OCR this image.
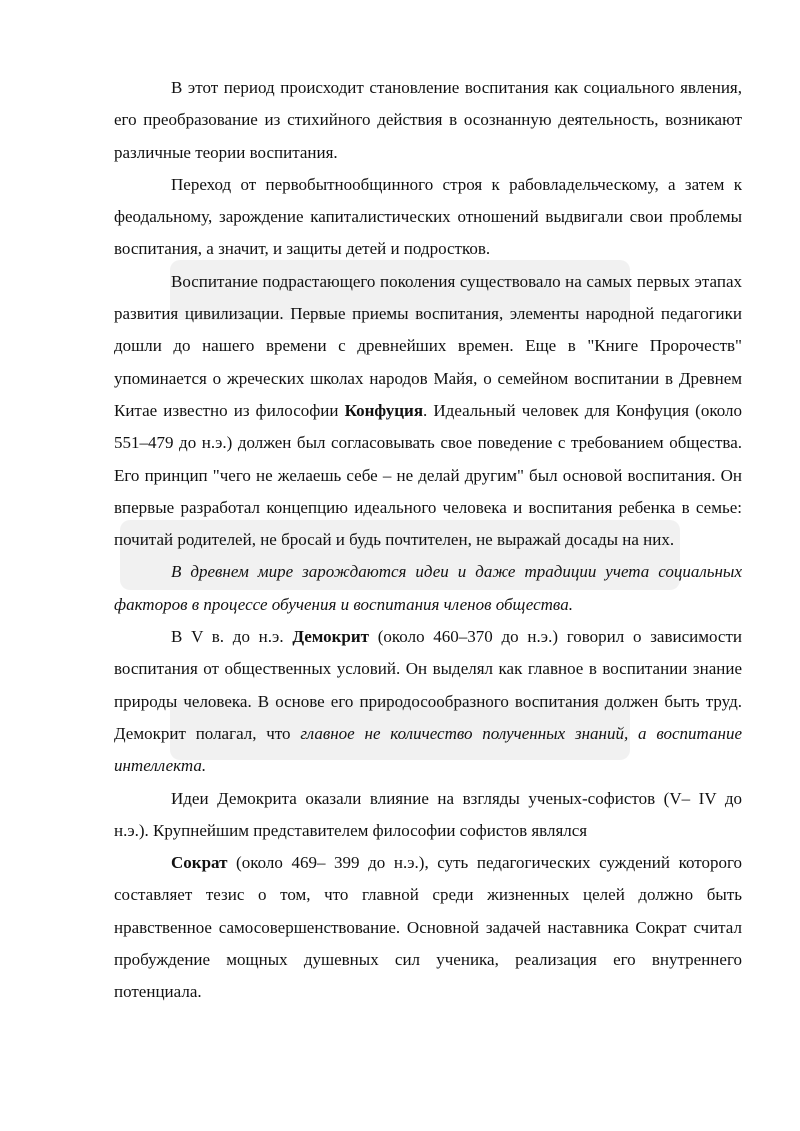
В этот период происходит становление воспитания как социального явления, его преобразование из стихийного действия в осознанную деятельность, возникают различные теории воспитания.

Переход от первобытнообщинного строя к рабовладельческому, а затем к феодальному, зарождение капиталистических отношений выдвигали свои проблемы воспитания, а значит, и защиты детей и подростков.

Воспитание подрастающего поколения существовало на самых первых этапах развития цивилизации. Первые приемы воспитания, элементы народной педагогики дошли до нашего времени с древнейших времен. Еще в "Книге Пророчеств" упоминается о жреческих школах народов Майя, о семейном воспитании в Древнем Китае известно из философии Конфуция. Идеальный человек для Конфуция (около 551–479 до н.э.) должен был согласовывать свое поведение с требованием общества. Его принцип "чего не желаешь себе – не делай другим" был основой воспитания. Он впервые разработал концепцию идеального человека и воспитания ребенка в семье: почитай родителей, не бросай и будь почтителен, не выражай досады на них.

В древнем мире зарождаются идеи и даже традиции учета социальных факторов в процессе обучения и воспитания членов общества.

В V в. до н.э. Демокрит (около 460–370 до н.э.) говорил о зависимости воспитания от общественных условий. Он выделял как главное в воспитании знание природы человека. В основе его природосообразного воспитания должен быть труд. Демокрит полагал, что главное не количество полученных знаний, а воспитание интеллекта.

Идеи Демокрита оказали влияние на взгляды ученых-софистов (V– IV до н.э.). Крупнейшим представителем философии софистов являлся

Сократ (около 469– 399 до н.э.), суть педагогических суждений которого составляет тезис о том, что главной среди жизненных целей должно быть нравственное самосовершенствование. Основной задачей наставника Сократ считал пробуждение мощных душевных сил ученика, реализация его внутреннего потенциала.
